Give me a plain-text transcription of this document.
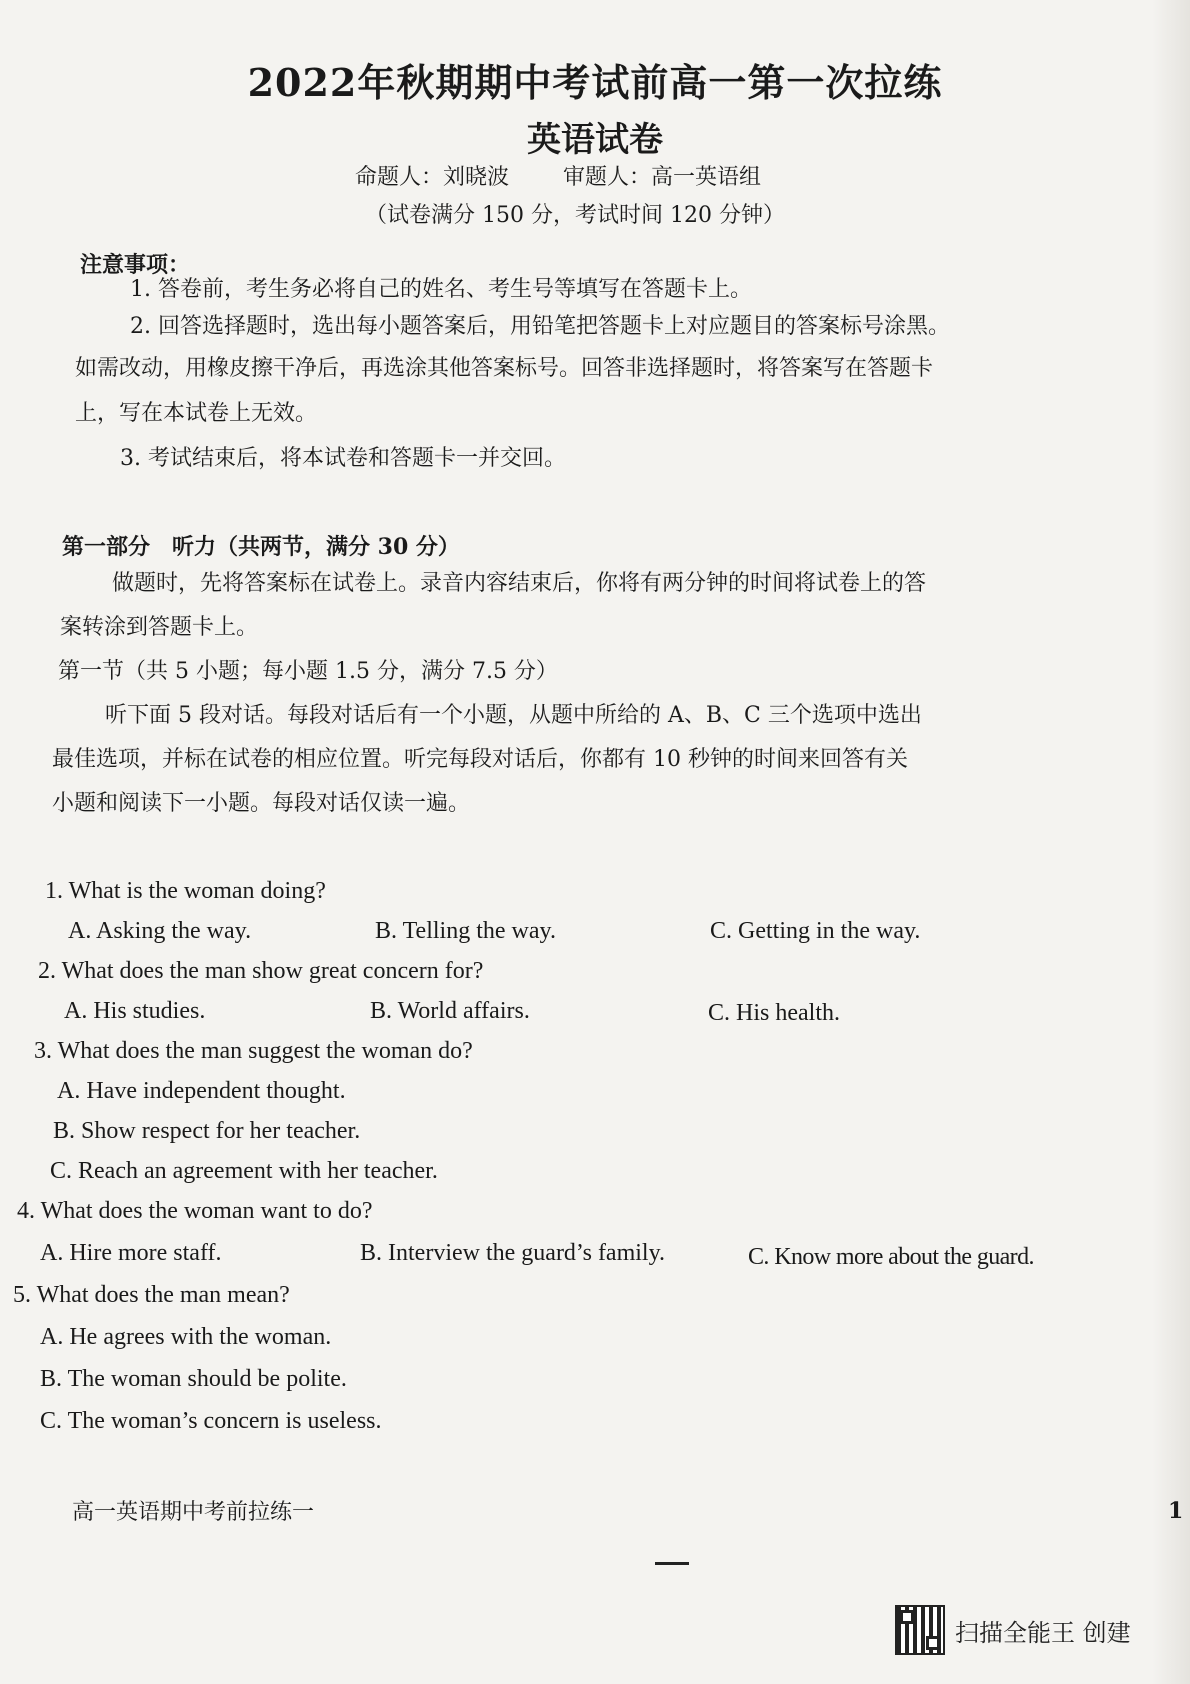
2022年秋期期中考试前高一第一次拉练
英语试卷
命题人：刘晓波 审题人：高一英语组
（试卷满分 150 分，考试时间 120 分钟）
注意事项：
1. 答卷前，考生务必将自己的姓名、考生号等填写在答题卡上。
2. 回答选择题时，选出每小题答案后，用铅笔把答题卡上对应题目的答案标号涂黑。
如需改动，用橡皮擦干净后，再选涂其他答案标号。回答非选择题时，将答案写在答题卡
上，写在本试卷上无效。
3. 考试结束后，将本试卷和答题卡一并交回。
第一部分　听力（共两节，满分 30 分）
做题时，先将答案标在试卷上。录音内容结束后，你将有两分钟的时间将试卷上的答
案转涂到答题卡上。
第一节（共 5 小题；每小题 1.5 分，满分 7.5 分）
听下面 5 段对话。每段对话后有一个小题，从题中所给的 A、B、C 三个选项中选出
最佳选项，并标在试卷的相应位置。听完每段对话后，你都有 10 秒钟的时间来回答有关
小题和阅读下一小题。每段对话仅读一遍。
1. What is the woman doing?
A. Asking the way.	B. Telling the way.	C. Getting in the way.
2. What does the man show great concern for?
A. His studies.	B. World affairs.	C. His health.
3. What does the man suggest the woman do?
A. Have independent thought.
B. Show respect for her teacher.
C. Reach an agreement with her teacher.
4. What does the woman want to do?
A. Hire more staff.	B. Interview the guard’s family.	C. Know more about the guard.
5. What does the man mean?
A. He agrees with the woman.
B. The woman should be polite.
C. The woman’s concern is useless.
高一英语期中考前拉练一	1
扫描全能王 创建
